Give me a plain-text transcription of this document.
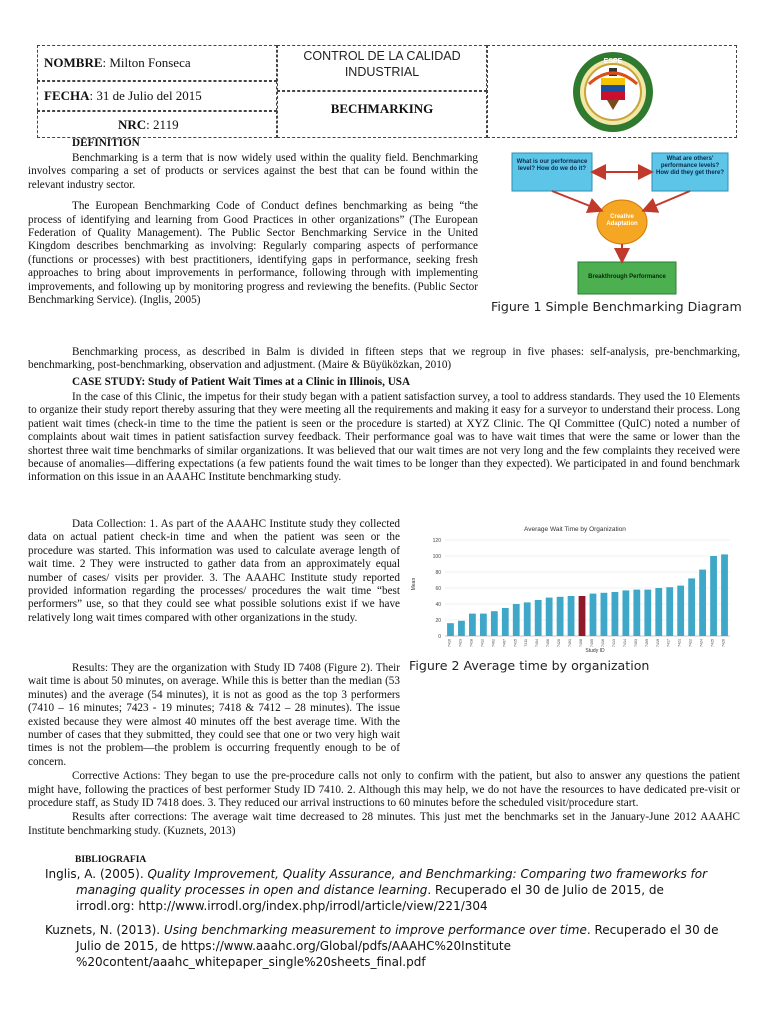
NOMBRE: Milton Fonseca
FECHA: 31 de Julio del 2015
NRC: 2119
CONTROL DE LA CALIDAD INDUSTRIAL
BECHMARKING
ESPE
DEFINITION

Benchmarking is a term that is now widely used within the quality field. Benchmarking involves comparing a set of products or services against the best that can be found within the relevant industry sector.

The European Benchmarking Code of Conduct defines benchmarking as being “the process of identifying and learning from Good Practices in other organizations” (The European Federation of Quality Management). The Public Sector Benchmarking Service in the United Kingdom describes benchmarking as involving: Regularly comparing aspects of performance (functions or processes) with best practitioners, identifying gaps in performance, seeking fresh approaches to bring about improvements in performance, following through with implementing improvements, and following up by monitoring progress and reviewing the benefits. (Public Sector Benchmarking Service). (Inglis, 2005)

What is our performance level? How do we do it?
What are others' performance levels? How did they get there?
Creative Adaptation
Breakthrough Performance
Figure 1 Simple Benchmarking Diagram

Benchmarking process, as described in Balm is divided in fifteen steps that we regroup in five phases: self-analysis, pre-benchmarking, benchmarking, post-benchmarking, observation and adjustment. (Maire & Büyüközkan, 2010)

CASE STUDY: Study of Patient Wait Times at a Clinic in Illinois, USA

In the case of this Clinic, the impetus for their study began with a patient satisfaction survey, a tool to address standards. They used the 10 Elements to organize their study report thereby assuring that they were meeting all the requirements and making it easy for a surveyor to understand their process. Long patient wait times (check-in time to the time the patient is seen or the procedure is started) at XYZ Clinic. The QI Committee (QuIC) noted a number of complaints about wait times in patient satisfaction survey feedback. Their performance goal was to have wait times that were the same or lower than the shortest three wait time benchmarks of similar organizations. It was believed that our wait times are not very long and the few complaints they received were because of anomalies—differing expectations (a few patients found the wait times to be longer than they expected). We participated in and found benchmark information on this issue in an AAAHC Institute benchmarking study.

Data Collection: 1. As part of the AAAHC Institute study they collected data on actual patient check-in time and when the patient was seen or the procedure was started. This information was used to calculate average length of wait time. 2 They were instructed to gather data from an approximately equal number of cases/ visits per provider. 3. The AAAHC Institute study reported provided information regarding the processes/ procedures the wait time “best performers” use, so that they could see what possible solutions exist if we have relatively long wait times compared with other organizations in the study.

Average Wait Time by Organization
Mean
Study ID
0
20
40
60
80
100
120
7410 7423 7418 7412 7402 7407 7415 7411 7404 7406 7420 7401 7408 7405 7416 7413 7414 7403 7409 7419 7417 7421 7422 7424 7425 7426
Figure 2 Average time by organization

Results: They are the organization with Study ID 7408 (Figure 2). Their wait time is about 50 minutes, on average. While this is better than the median (53 minutes) and the average (54 minutes), it is not as good as the top 3 performers (7410 – 16 minutes; 7423 - 19 minutes; 7418 & 7412 – 28 minutes). The issue existed because they were almost 40 minutes off the best average time. With the number of cases that they submitted, they could see that one or two very high wait times is not the problem—the problem is occurring frequently enough to be of concern.

Corrective Actions: They began to use the pre-procedure calls not only to confirm with the patient, but also to answer any questions the patient might have, following the practices of best performer Study ID 7410. 2. Although this may help, we do not have the resources to have dedicated pre-visit or procedure staff, as Study ID 7418 does. 3. They reduced our arrival instructions to 60 minutes before the scheduled visit/procedure start.

Results after corrections: The average wait time decreased to 28 minutes. This just met the benchmarks set in the January-June 2012 AAAHC Institute benchmarking study. (Kuznets, 2013)

BIBLIOGRAFIA
Inglis, A. (2005). Quality Improvement, Quality Assurance, and Benchmarking: Comparing two frameworks for managing quality processes in open and distance learning. Recuperado el 30 de Julio de 2015, de irrodl.org: http://www.irrodl.org/index.php/irrodl/article/view/221/304
Kuznets, N. (2013). Using benchmarking measurement to improve performance over time. Recuperado el 30 de Julio de 2015, de https://www.aaahc.org/Global/pdfs/AAAHC%20Institute %20content/aaahc_whitepaper_single%20sheets_final.pdf
